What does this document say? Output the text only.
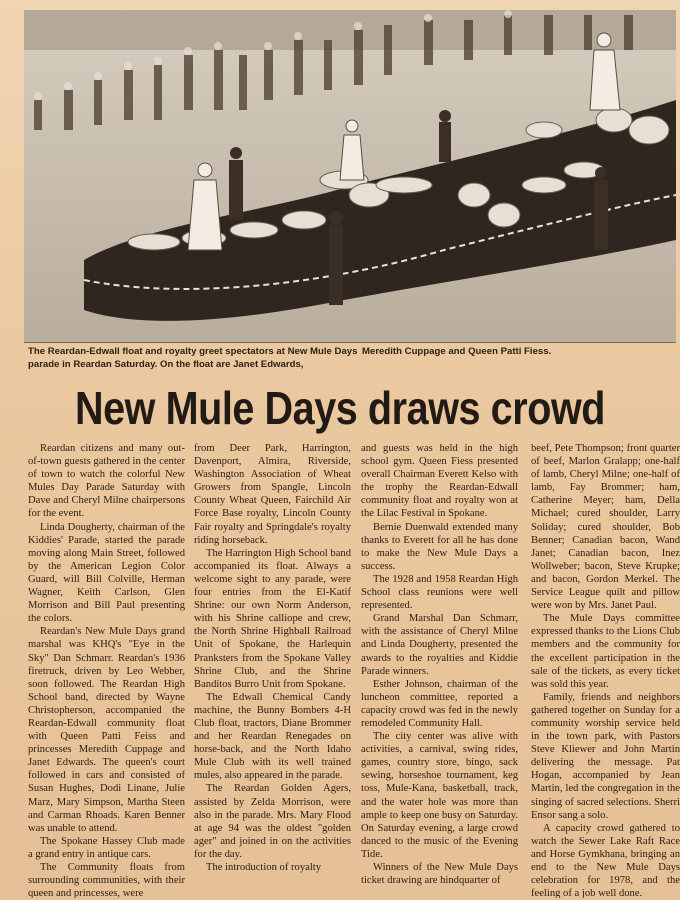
The Reardan-Edwall float and royalty greet spectators at New Mule Days parade in Reardan Saturday. On the float are Janet Edwards,
Meredith Cuppage and Queen Patti Fiess.
New Mule Days draws crowd

Reardan citizens and many out-of-town guests gathered in the center of town to watch the colorful New Mules Day Parade Saturday with Dave and Cheryl Milne chairpersons for the event.

Linda Dougherty, chairman of the Kiddies' Parade, started the parade moving along Main Street, followed by the American Legion Color Guard, will Bill Colville, Herman Wagner, Keith Carlson, Glen Morrison and Bill Paul presenting the colors.

Reardan's New Mule Days grand marshal was KHQ's "Eye in the Sky" Dan Schmarr. Reardan's 1936 firetruck, driven by Leo Webber, soon followed. The Reardan High School band, directed by Wayne Christopherson, accompanied the Reardan-Edwall community float with Queen Patti Feiss and princesses Meredith Cuppage and Janet Edwards. The queen's court followed in cars and consisted of Susan Hughes, Dodi Linane, Julie Marz, Mary Simpson, Martha Steen and Carman Rhoads. Karen Benner was unable to attend.

The Spokane Hassey Club made a grand entry in antique cars.

The Community floats from surrounding communities, with their queen and princesses, were

from Deer Park, Harrington, Davenport, Almira, Riverside, Washington Association of Wheat Growers from Spangle, Lincoln County Wheat Queen, Fairchild Air Force Base royalty, Lincoln County Fair royalty and Springdale's royalty riding horseback.

The Harrington High School band accompanied its float. Always a welcome sight to any parade, were four entries from the El-Katif Shrine: our own Norm Anderson, with his Shrine calliope and crew, the North Shrine Highball Railroad Unit of Spokane, the Harlequin Pranksters from the Spokane Valley Shrine Club, and the Shrine Banditos Burro Unit from Spokane.

The Edwall Chemical Candy machine, the Bunny Bombers 4-H Club float, tractors, Diane Brommer and her Reardan Renegades on horse-back, and the North Idaho Mule Club with its well trained mules, also appeared in the parade.

The Reardan Golden Agers, assisted by Zelda Morrison, were also in the parade. Mrs. Mary Flood at age 94 was the oldest "golden ager" and joined in on the activities for the day.

The introduction of royalty

and guests was held in the high school gym. Queen Fiess presented overall Chairman Everett Kelso with the trophy the Reardan-Edwall community float and royalty won at the Lilac Festival in Spokane.

Bernie Duenwald extended many thanks to Everett for all he has done to make the New Mule Days a success.

The 1928 and 1958 Reardan High School class reunions were well represented.

Grand Marshal Dan Schmarr, with the assistance of Cheryl Milne and Linda Dougherty, presented the awards to the royalties and Kiddie Parade winners.

Esther Johnson, chairman of the luncheon committee, reported a capacity crowd was fed in the newly remodeled Community Hall.

The city center was alive with activities, a carnival, swing rides, games, country store, bingo, sack sewing, horseshoe tournament, keg toss, Mule-Kana, basketball, track, and the water hole was more than ample to keep one busy on Saturday. On Saturday evening, a large crowd danced to the music of the Evening Tide.

Winners of the New Mule Days ticket drawing are hindquarter of

beef, Pete Thompson; front quarter of beef, Marlon Gralapp; one-half of lamb, Cheryl Milne; one-half of lamb, Fay Brommer; ham, Catherine Meyer; ham, Della Michael; cured shoulder, Larry Soliday; cured shoulder, Bob Benner; Canadian bacon, Wand Janet; Canadian bacon, Inez Wollweber; bacon, Steve Krupke; and bacon, Gordon Merkel. The Service League quilt and pillow were won by Mrs. Janet Paul.

The Mule Days committee expressed thanks to the Lions Club members and the community for the excellent participation in the sale of the tickets, as every ticket was sold this year.

Family, friends and neighbors gathered together on Sunday for a community worship service held in the town park, with Pastors Steve Kliewer and John Martin delivering the message. Pat Hogan, accompanied by Jean Martin, led the congregation in the singing of sacred selections. Sherri Ensor sang a solo.

A capacity crowd gathered to watch the Sewer Lake Raft Race and Horse Gymkhana, bringing an end to the New Mule Days celebration for 1978, and the feeling of a job well done.
